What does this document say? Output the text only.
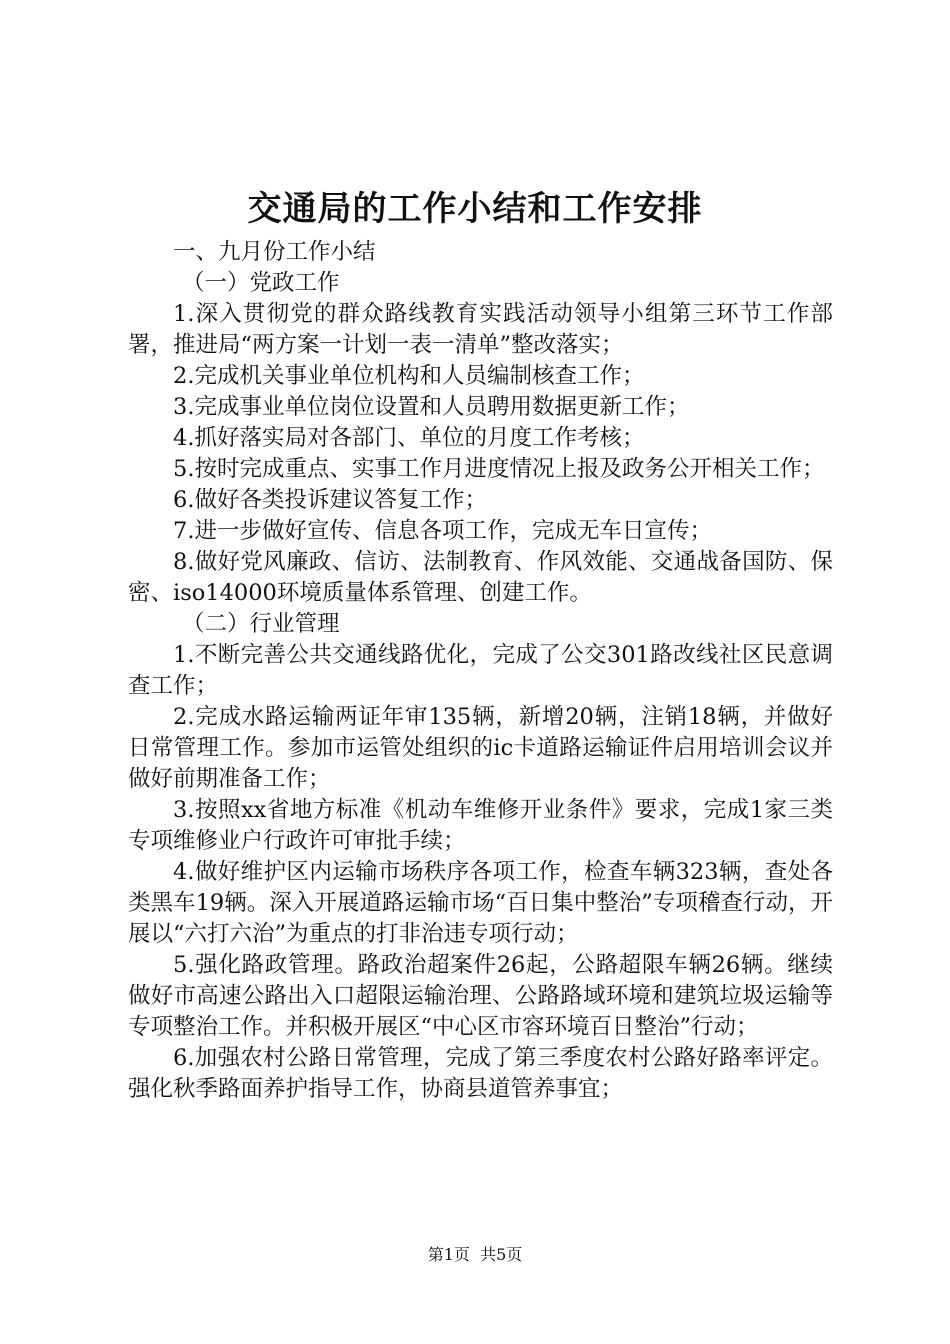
交通局的工作小结和工作安排

一、九月份工作小结

（一）党政工作

1.深入贯彻党的群众路线教育实践活动领导小组第三环节工作部署，推进局“两方案一计划一表一清单”整改落实；

2.完成机关事业单位机构和人员编制核查工作；

3.完成事业单位岗位设置和人员聘用数据更新工作；

4.抓好落实局对各部门、单位的月度工作考核；

5.按时完成重点、实事工作月进度情况上报及政务公开相关工作；

6.做好各类投诉建议答复工作；

7.进一步做好宣传、信息各项工作，完成无车日宣传；

8.做好党风廉政、信访、法制教育、作风效能、交通战备国防、保密、iso14000环境质量体系管理、创建工作。

（二）行业管理

1.不断完善公共交通线路优化，完成了公交301路改线社区民意调查工作；

2.完成水路运输两证年审135辆，新增20辆，注销18辆，并做好日常管理工作。参加市运管处组织的ic卡道路运输证件启用培训会议并做好前期准备工作；

3.按照xx省地方标准《机动车维修开业条件》要求，完成1家三类专项维修业户行政许可审批手续；

4.做好维护区内运输市场秩序各项工作，检查车辆323辆，查处各类黑车19辆。深入开展道路运输市场“百日集中整治”专项稽查行动，开展以“六打六治”为重点的打非治违专项行动；

5.强化路政管理。路政治超案件26起，公路超限车辆26辆。继续做好市高速公路出入口超限运输治理、公路路域环境和建筑垃圾运输等专项整治工作。并积极开展区“中心区市容环境百日整治”行动；

6.加强农村公路日常管理，完成了第三季度农村公路好路率评定。强化秋季路面养护指导工作，协商县道管养事宜；

第1页 共5页
